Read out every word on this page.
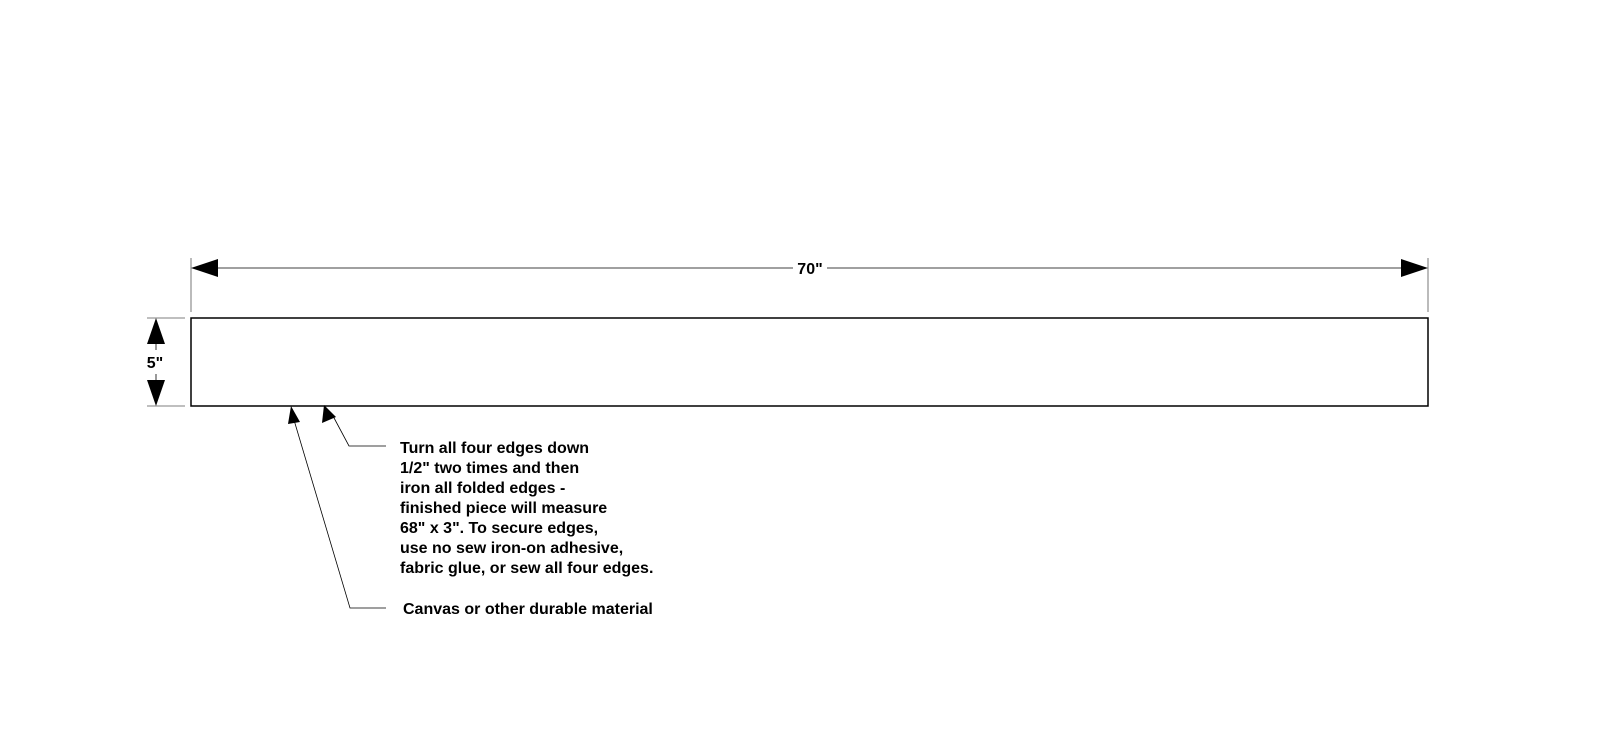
70"
5"
Turn all four edges down 1/2" two times and then iron all folded edges - finished piece will measure 68" x 3". To secure edges, use no sew iron-on adhesive, fabric glue, or sew all four edges.
Canvas or other durable material
